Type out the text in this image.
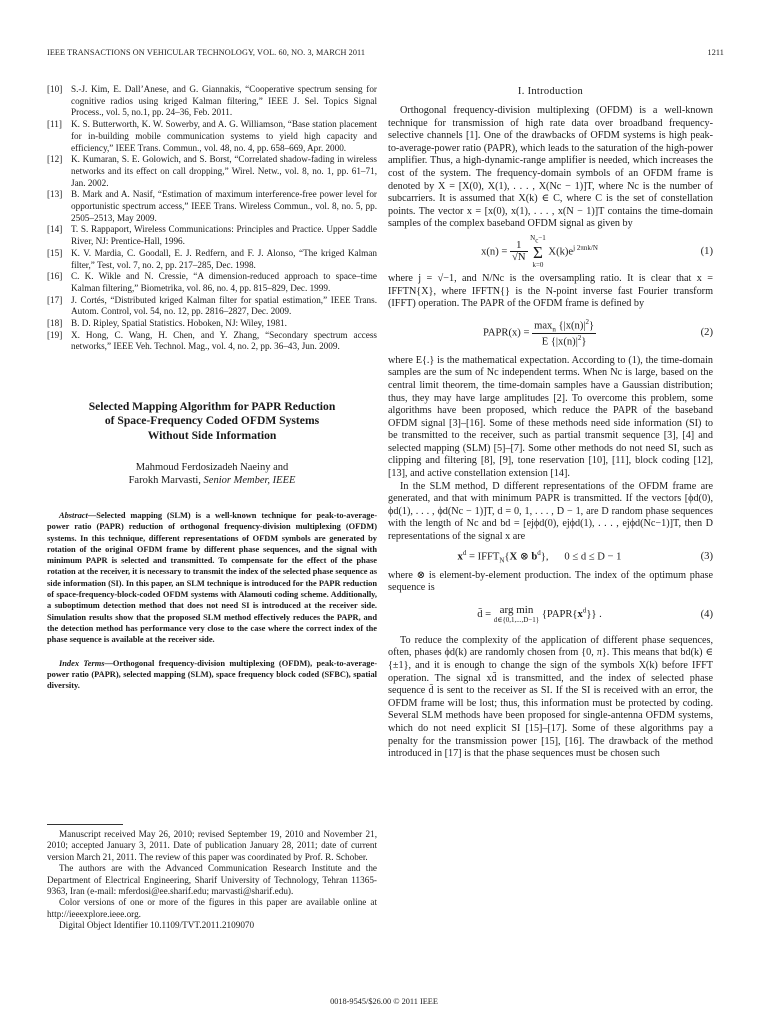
IEEE TRANSACTIONS ON VEHICULAR TECHNOLOGY, VOL. 60, NO. 3, MARCH 2011	1211
[10] S.-J. Kim, E. Dall’Anese, and G. Giannakis, “Cooperative spectrum sensing for cognitive radios using kriged Kalman filtering,” IEEE J. Sel. Topics Signal Process., vol. 5, no.1, pp. 24–36, Feb. 2011.
[11] K. S. Butterworth, K. W. Sowerby, and A. G. Williamson, “Base station placement for in-building mobile communication systems to yield high capacity and efficiency,” IEEE Trans. Commun., vol. 48, no. 4, pp. 658–669, Apr. 2000.
[12] K. Kumaran, S. E. Golowich, and S. Borst, “Correlated shadow-fading in wireless networks and its effect on call dropping,” Wirel. Netw., vol. 8, no. 1, pp. 61–71, Jan. 2002.
[13] B. Mark and A. Nasif, “Estimation of maximum interference-free power level for opportunistic spectrum access,” IEEE Trans. Wireless Commun., vol. 8, no. 5, pp. 2505–2513, May 2009.
[14] T. S. Rappaport, Wireless Communications: Principles and Practice. Upper Saddle River, NJ: Prentice-Hall, 1996.
[15] K. V. Mardia, C. Goodall, E. J. Redfern, and F. J. Alonso, “The kriged Kalman filter,” Test, vol. 7, no. 2, pp. 217–285, Dec. 1998.
[16] C. K. Wikle and N. Cressie, “A dimension-reduced approach to space–time Kalman filtering,” Biometrika, vol. 86, no. 4, pp. 815–829, Dec. 1999.
[17] J. Cortés, “Distributed kriged Kalman filter for spatial estimation,” IEEE Trans. Autom. Control, vol. 54, no. 12, pp. 2816–2827, Dec. 2009.
[18] B. D. Ripley, Spatial Statistics. Hoboken, NJ: Wiley, 1981.
[19] X. Hong, C. Wang, H. Chen, and Y. Zhang, “Secondary spectrum access networks,” IEEE Veh. Technol. Mag., vol. 4, no. 2, pp. 36–43, Jun. 2009.
Selected Mapping Algorithm for PAPR Reduction
of Space-Frequency Coded OFDM Systems
Without Side Information
Mahmoud Ferdosizadeh Naeiny and
Farokh Marvasti, Senior Member, IEEE

Abstract—Selected mapping (SLM) is a well-known technique for peak-to-average-power ratio (PAPR) reduction of orthogonal frequency-division multiplexing (OFDM) systems. In this technique, different representations of OFDM symbols are generated by rotation of the original OFDM frame by different phase sequences, and the signal with minimum PAPR is selected and transmitted. To compensate for the effect of the phase rotation at the receiver, it is necessary to transmit the index of the selected phase sequence as side information (SI). In this paper, an SLM technique is introduced for the PAPR reduction of space-frequency-block-coded OFDM systems with Alamouti coding scheme. Additionally, a suboptimum detection method that does not need SI is introduced at the receiver side. Simulation results show that the proposed SLM method effectively reduces the PAPR, and the detection method has performance very close to the case where the correct index of the phase sequence is available at the receiver side.

Index Terms—Orthogonal frequency-division multiplexing (OFDM), peak-to-average-power ratio (PAPR), selected mapping (SLM), space frequency block coded (SFBC), spatial diversity.

Manuscript received May 26, 2010; revised September 19, 2010 and November 21, 2010; accepted January 3, 2011. Date of publication January 28, 2011; date of current version March 21, 2011. The review of this paper was coordinated by Prof. R. Schober.

The authors are with the Advanced Communication Research Institute and the Department of Electrical Engineering, Sharif University of Technology, Tehran 11365-9363, Iran (e-mail: mferdosi@ee.sharif.edu; marvasti@sharif.edu).

Color versions of one or more of the figures in this paper are available online at http://ieeexplore.ieee.org.

Digital Object Identifier 10.1109/TVT.2011.2109070

I. Introduction

Orthogonal frequency-division multiplexing (OFDM) is a well-known technique for transmission of high rate data over broadband frequency-selective channels [1]. One of the drawbacks of OFDM systems is high peak-to-average-power ratio (PAPR), which leads to the saturation of the high-power amplifier. Thus, a high-dynamic-range amplifier is needed, which increases the cost of the system. The frequency-domain symbols of an OFDM frame is denoted by X = [X(0), X(1), . . . , X(Nc − 1)]T, where Nc is the number of subcarriers. It is assumed that X(k) ∈ C, where C is the set of constellation points. The vector x = [x(0), x(1), . . . , x(N − 1)]T contains the time-domain samples of the complex baseband OFDM signal as given by

$x(n) = \frac{1}{√N}$
$N_c-1$
Σ
k=0 $X(k)e^{j 2\pi nk/N}$	(1)

where j = √−1, and N/Nc is the oversampling ratio. It is clear that x = IFFTN{X}, where IFFTN{} is the N-point inverse fast Fourier transform (IFFT) operation. The PAPR of the OFDM frame is defined by

PAPR(x) = $\frac{\max_n \{|x(n)|^2\}}{E \{|x(n)|^2\}}$	(2)

where E{.} is the mathematical expectation. According to (1), the time-domain samples are the sum of Nc independent terms. When Nc is large, based on the central limit theorem, the time-domain samples have a Gaussian distribution; thus, they may have large amplitudes [2]. To overcome this problem, some algorithms have been proposed, which reduce the PAPR of the baseband OFDM signal [3]–[16]. Some of these methods need side information (SI) to be transmitted to the receiver, such as partial transmit sequence [3], [4] and selected mapping (SLM) [5]–[7]. Some other methods do not need SI, such as clipping and filtering [8], [9], tone reservation [10], [11], block coding [12], [13], and active constellation extension [14].

In the SLM method, D different representations of the OFDM frame are generated, and that with minimum PAPR is transmitted. If the vectors [ϕd(0), ϕd(1), . . . , ϕd(Nc − 1)]T, d = 0, 1, . . . , D − 1, are D random phase sequences with the length of Nc and bd = [ejϕd(0), ejϕd(1), . . . , ejϕd(Nc−1)]T, then D representations of the signal x are

$x^d$ = $IFFT_N\{X$ ⊗ $b^d$},      0 ≤ d ≤ D − 1	(3)

where ⊗ is element-by-element production. The index of the optimum phase sequence is

d̄ = arg min
d∈{0,1,...,D−1} $\{PAPR\{x^d\}\}$ .	(4)

To reduce the complexity of the application of different phase sequences, often, phases ϕd(k) are randomly chosen from {0, π}. This means that bd(k) ∈ {±1}, and it is enough to change the sign of the symbols X(k) before IFFT operation. The signal xd̄ is transmitted, and the index of selected phase sequence d̄ is sent to the receiver as SI. If the SI is received with an error, the OFDM frame will be lost; thus, this information must be protected by coding. Several SLM methods have been proposed for single-antenna OFDM systems, which do not need explicit SI [15]–[17]. Some of these algorithms pay a penalty for the transmission power [15], [16]. The drawback of the method introduced in [17] is that the phase sequences must be chosen such

0018-9545/$26.00 © 2011 IEEE
